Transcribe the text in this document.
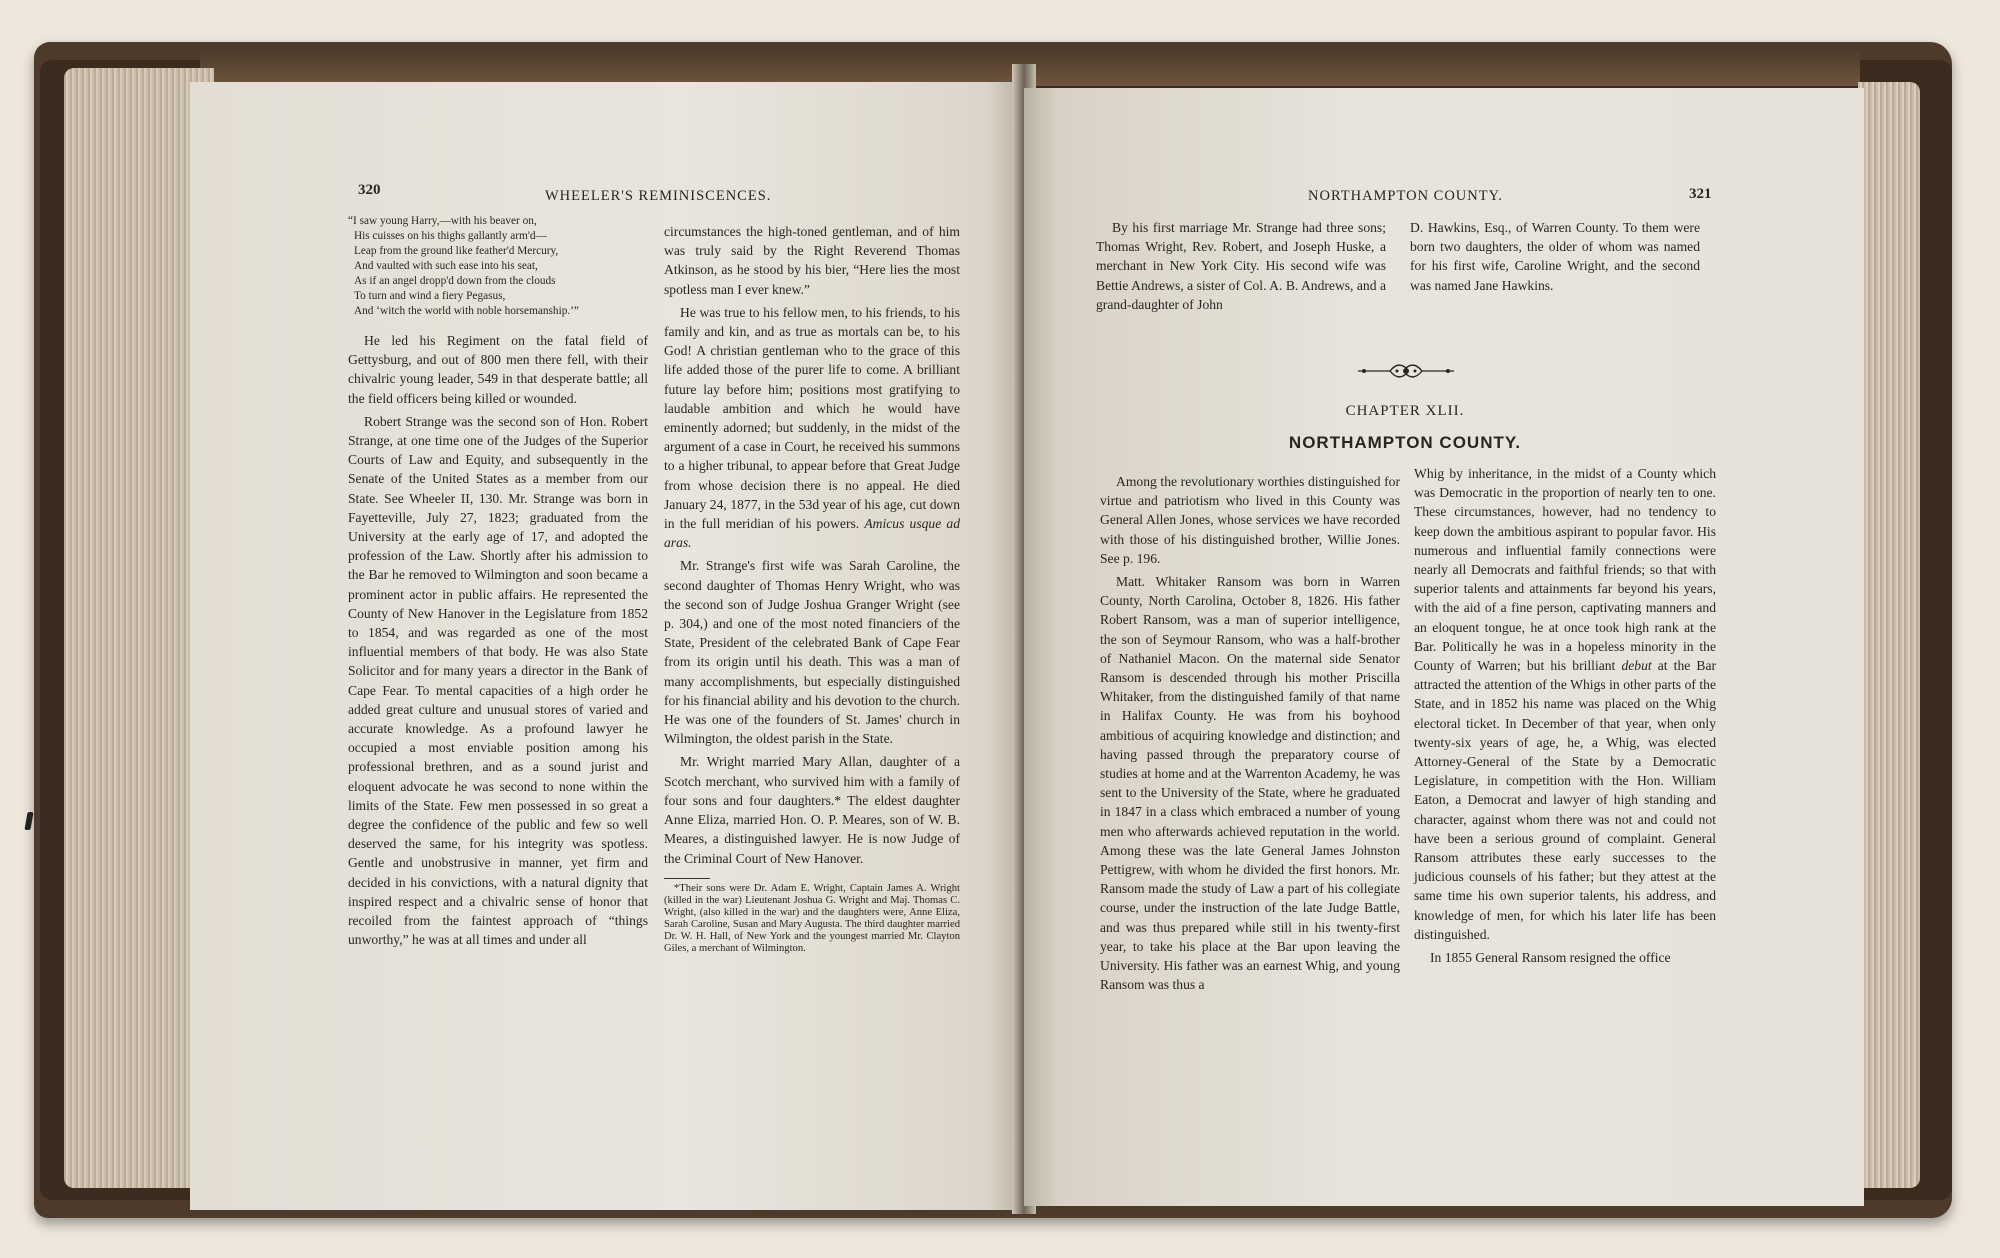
320	WHEELER'S REMINISCENCES.
“I saw young Harry,—with his beaver on,
His cuisses on his thighs gallantly arm'd—
Leap from the ground like feather'd Mercury,
And vaulted with such ease into his seat,
As if an angel dropp'd down from the clouds
To turn and wind a fiery Pegasus,
And ‘witch the world with noble horsemanship.’”

He led his Regiment on the fatal field of Gettysburg, and out of 800 men there fell, with their chivalric young leader, 549 in that desperate battle; all the field officers being killed or wounded.

Robert Strange was the second son of Hon. Robert Strange, at one time one of the Judges of the Superior Courts of Law and Equity, and subsequently in the Senate of the United States as a member from our State. See Wheeler II, 130. Mr. Strange was born in Fayetteville, July 27, 1823; graduated from the University at the early age of 17, and adopted the profession of the Law. Shortly after his admission to the Bar he removed to Wilmington and soon became a prominent actor in public affairs. He represented the County of New Hanover in the Legislature from 1852 to 1854, and was regarded as one of the most influential members of that body. He was also State Solicitor and for many years a director in the Bank of Cape Fear. To mental capacities of a high order he added great culture and unusual stores of varied and accurate knowledge. As a profound lawyer he occupied a most enviable position among his professional brethren, and as a sound jurist and eloquent advocate he was second to none within the limits of the State. Few men possessed in so great a degree the confidence of the public and few so well deserved the same, for his integrity was spotless. Gentle and unobstrusive in manner, yet firm and decided in his convictions, with a natural dignity that inspired respect and a chivalric sense of honor that recoiled from the faintest approach of “things unworthy,” he was at all times and under all

circumstances the high-toned gentleman, and of him was truly said by the Right Reverend Thomas Atkinson, as he stood by his bier, “Here lies the most spotless man I ever knew.”

He was true to his fellow men, to his friends, to his family and kin, and as true as mortals can be, to his God! A christian gentleman who to the grace of this life added those of the purer life to come. A brilliant future lay before him; positions most gratifying to laudable ambition and which he would have eminently adorned; but suddenly, in the midst of the argument of a case in Court, he received his summons to a higher tribunal, to appear before that Great Judge from whose decision there is no appeal. He died January 24, 1877, in the 53d year of his age, cut down in the full meridian of his powers. Amicus usque ad aras.

Mr. Strange's first wife was Sarah Caroline, the second daughter of Thomas Henry Wright, who was the second son of Judge Joshua Granger Wright (see p. 304,) and one of the most noted financiers of the State, President of the celebrated Bank of Cape Fear from its origin until his death. This was a man of many accomplishments, but especially distinguished for his financial ability and his devotion to the church. He was one of the founders of St. James' church in Wilmington, the oldest parish in the State.

Mr. Wright married Mary Allan, daughter of a Scotch merchant, who survived him with a family of four sons and four daughters.* The eldest daughter Anne Eliza, married Hon. O. P. Meares, son of W. B. Meares, a distinguished lawyer. He is now Judge of the Criminal Court of New Hanover.

*Their sons were Dr. Adam E. Wright, Captain James A. Wright (killed in the war) Lieutenant Joshua G. Wright and Maj. Thomas C. Wright, (also killed in the war) and the daughters were, Anne Eliza, Sarah Caroline, Susan and Mary Augusta. The third daughter married Dr. W. H. Hall, of New York and the youngest married Mr. Clayton Giles, a merchant of Wilmington.
NORTHAMPTON COUNTY.	321

By his first marriage Mr. Strange had three sons; Thomas Wright, Rev. Robert, and Joseph Huske, a merchant in New York City. His second wife was Bettie Andrews, a sister of Col. A. B. Andrews, and a grand-daughter of John

D. Hawkins, Esq., of Warren County. To them were born two daughters, the older of whom was named for his first wife, Caroline Wright, and the second was named Jane Hawkins.

CHAPTER XLII.
NORTHAMPTON COUNTY.

Among the revolutionary worthies distinguished for virtue and patriotism who lived in this County was General Allen Jones, whose services we have recorded with those of his distinguished brother, Willie Jones. See p. 196.

Matt. Whitaker Ransom was born in Warren County, North Carolina, October 8, 1826. His father Robert Ransom, was a man of superior intelligence, the son of Seymour Ransom, who was a half-brother of Nathaniel Macon. On the maternal side Senator Ransom is descended through his mother Priscilla Whitaker, from the distinguished family of that name in Halifax County. He was from his boyhood ambitious of acquiring knowledge and distinction; and having passed through the preparatory course of studies at home and at the Warrenton Academy, he was sent to the University of the State, where he graduated in 1847 in a class which embraced a number of young men who afterwards achieved reputation in the world. Among these was the late General James Johnston Pettigrew, with whom he divided the first honors. Mr. Ransom made the study of Law a part of his collegiate course, under the instruction of the late Judge Battle, and was thus prepared while still in his twenty-first year, to take his place at the Bar upon leaving the University. His father was an earnest Whig, and young Ransom was thus a

Whig by inheritance, in the midst of a County which was Democratic in the proportion of nearly ten to one. These circumstances, however, had no tendency to keep down the ambitious aspirant to popular favor. His numerous and influential family connections were nearly all Democrats and faithful friends; so that with superior talents and attainments far beyond his years, with the aid of a fine person, captivating manners and an eloquent tongue, he at once took high rank at the Bar. Politically he was in a hopeless minority in the County of Warren; but his brilliant debut at the Bar attracted the attention of the Whigs in other parts of the State, and in 1852 his name was placed on the Whig electoral ticket. In December of that year, when only twenty-six years of age, he, a Whig, was elected Attorney-General of the State by a Democratic Legislature, in competition with the Hon. William Eaton, a Democrat and lawyer of high standing and character, against whom there was not and could not have been a serious ground of complaint. General Ransom attributes these early successes to the judicious counsels of his father; but they attest at the same time his own superior talents, his address, and knowledge of men, for which his later life has been distinguished.

In 1855 General Ransom resigned the office
